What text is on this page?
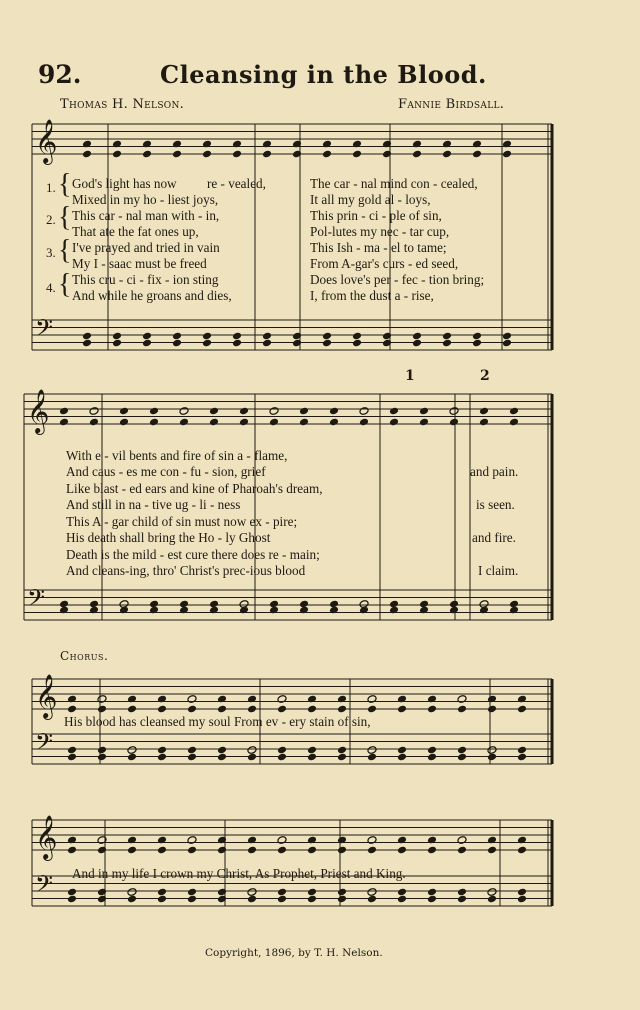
92.	Cleansing in the Blood.
Thomas H. Nelson.	Fannie Birdsall.
𝄞
𝄢
𝄞
𝄢
𝄞
𝄢
𝄞
𝄢
1	2
1.
2.
3.
4.
{
{
{
{
God's light has now re - vealed,	The car - nal mind con - cealed,
Mixed in my ho - liest joys,	It all my gold al - loys,
This car - nal man with - in,	This prin - ci - ple of sin,
That ate the fat ones up,	Pol-lutes my nec - tar cup,
I've prayed and tried in vain	This Ish - ma - el to tame;
My I - saac must be freed	From A-gar's curs - ed seed,
This cru - ci - fix - ion sting	Does love's per - fec - tion bring;
And while he groans and dies,	I, from the dust a - rise,
With e - vil bents and fire of sin a - flame,
And caus - es me con - fu - sion, grief	and pain.
Like blast - ed ears and kine of Pharoah's dream,
And still in na - tive ug - li - ness	is seen.
This A - gar child of sin must now ex - pire;
His death shall bring the Ho - ly Ghost	and fire.
Death is the mild - est cure there does re - main;
And cleans-ing, thro' Christ's prec-ious blood	I claim.
Chorus.
His blood has cleansed my soul From ev - ery stain of sin,
And in my life I crown my Christ, As Prophet, Priest and King.
Copyright, 1896, by T. H. Nelson.
